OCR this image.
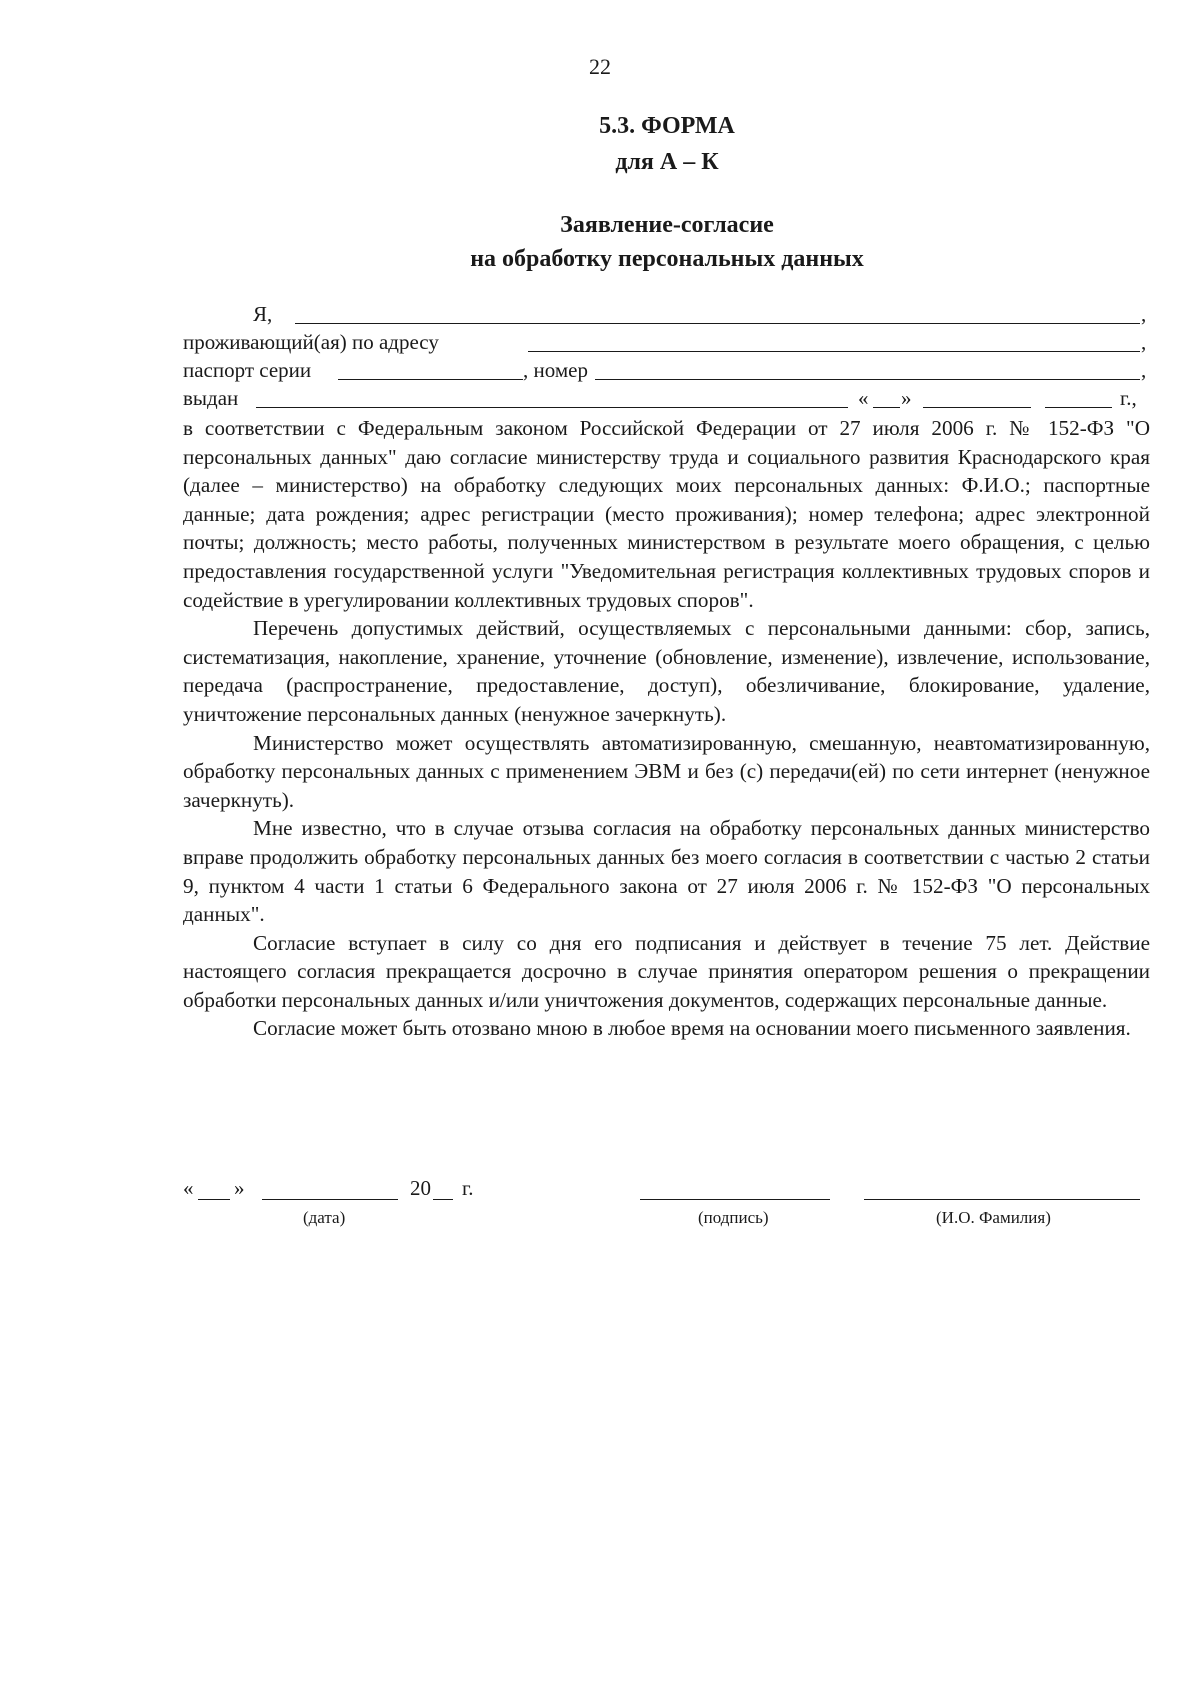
22
5.3. ФОРМА
для А – К
Заявление-согласие
на обработку персональных данных
Я,	,
проживающий(ая) по адресу	,
паспорт серии	, номер	,
выдан	« »	г.,

в соответствии с Федеральным законом Российской Федерации от 27 июля 2006 г. № 152-ФЗ "О персональных данных" даю согласие министерству труда и социального развития Краснодарского края (далее – министерство) на обработку следующих моих персональных данных: Ф.И.О.; паспортные данные; дата рождения; адрес регистрации (место проживания); номер телефона; адрес электронной почты; должность; место работы, полученных министерством в результате моего обращения, с целью предоставления государственной услуги "Уведомительная регистрация коллективных трудовых споров и содействие в урегулировании коллективных трудовых споров".

Перечень допустимых действий, осуществляемых с персональными данными: сбор, запись, систематизация, накопление, хранение, уточнение (обновление, изменение), извлечение, использование, передача (распространение, предоставление, доступ), обезличивание, блокирование, удаление, уничтожение персональных данных (ненужное зачеркнуть).

Министерство может осуществлять автоматизированную, смешанную, неавтоматизированную, обработку персональных данных с применением ЭВМ и без (с) передачи(ей) по сети интернет (ненужное зачеркнуть).

Мне известно, что в случае отзыва согласия на обработку персональных данных министерство вправе продолжить обработку персональных данных без моего согласия в соответствии с частью 2 статьи 9, пунктом 4 части 1 статьи 6 Федерального закона от 27 июля 2006 г. № 152-ФЗ "О персональных данных".

Согласие вступает в силу со дня его подписания и действует в течение 75 лет. Действие настоящего согласия прекращается досрочно в случае принятия оператором решения о прекращении обработки персональных данных и/или уничтожения документов, содержащих персональные данные.

Согласие может быть отозвано мною в любое время на основании моего письменного заявления.

« »	20 г.
(дата)	(подпись)	(И.О. Фамилия)
